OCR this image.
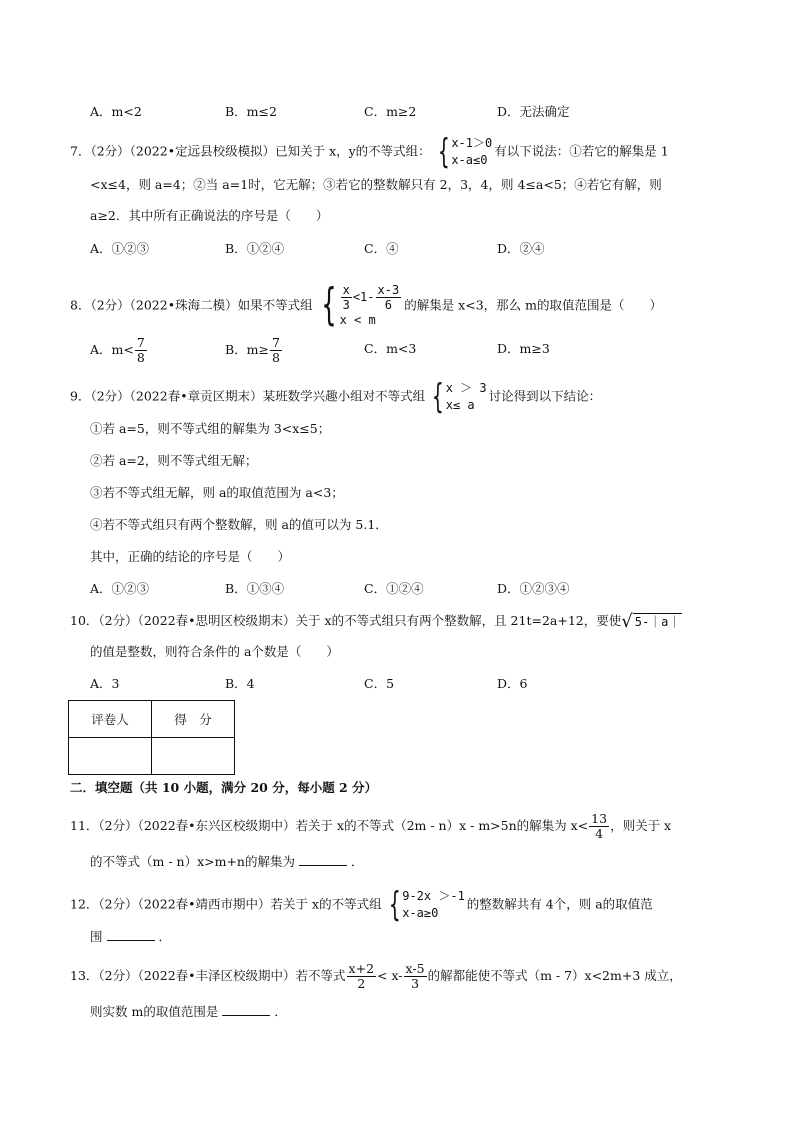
A．m<2	B．m≤2	C．m≥2	D．无法确定
7．（2分）（2022•定远县校级模拟）已知关于 x，y的不等式组： { x-1＞0
x-a≤0
有以下说法：①若它的解集是 1
<x≤4，则 a=4；②当 a=1时，它无解；③若它的整数解只有 2，3，4，则 4≤a<5；④若它有解，则
a≥2．其中所有正确说法的序号是（　　）
A．①②③	B．①②④	C．④	D．②④
8．（2分）（2022•珠海二模）如果不等式组 { $\frac{x}{3} <1- \frac{x-3}{6}$
x < m
的解集是 x<3，那么 m的取值范围是（　　）
A．$m< \frac{7}{8}$	B．$m\ge \frac{7}{8}$	C．m<3	D．m≥3
9．（2分）（2022春•章贡区期末）某班数学兴趣小组对不等式组 { x ＞ 3
x≤ a
讨论得到以下结论：
①若 a=5，则不等式组的解集为 3<x≤5；
②若 a=2，则不等式组无解；
③若不等式组无解，则 a的取值范围为 a<3；
④若不等式组只有两个整数解，则 a的值可以为 5.1．
其中，正确的结论的序号是（　　）
A．①②③	B．①③④	C．①②④	D．①②③④
10．（2分）（2022春•思明区校级期末）关于 x的不等式组只有两个整数解，且 21t=2a+12，要使 √ 5-｜a｜
的值是整数，则符合条件的 a个数是（　　）
A．3	B．4	C．5	D．6
评卷人	得　分

二．填空题（共 10 小题，满分 20 分，每小题 2 分）
11．（2分）（2022春•东兴区校级期中）若关于 x的不等式（2m - n）x - m>5n的解集为 $x< \frac{13}{4}$ ，则关于 x
的不等式（m - n）x>m+n的解集为	．
12．（2分）（2022春•靖西市期中）若关于 x的不等式组 { 9-2x ＞-1
x-a≥0
的整数解共有 4个，则 a的取值范
围	．
13．（2分）（2022春•丰泽区校级期中）若不等式 $\frac{x+2}{2} < x- \frac{x-5}{3}$ 的解都能使不等式（m - 7）x<2m+3 成立，
则实数 m的取值范围是	．
